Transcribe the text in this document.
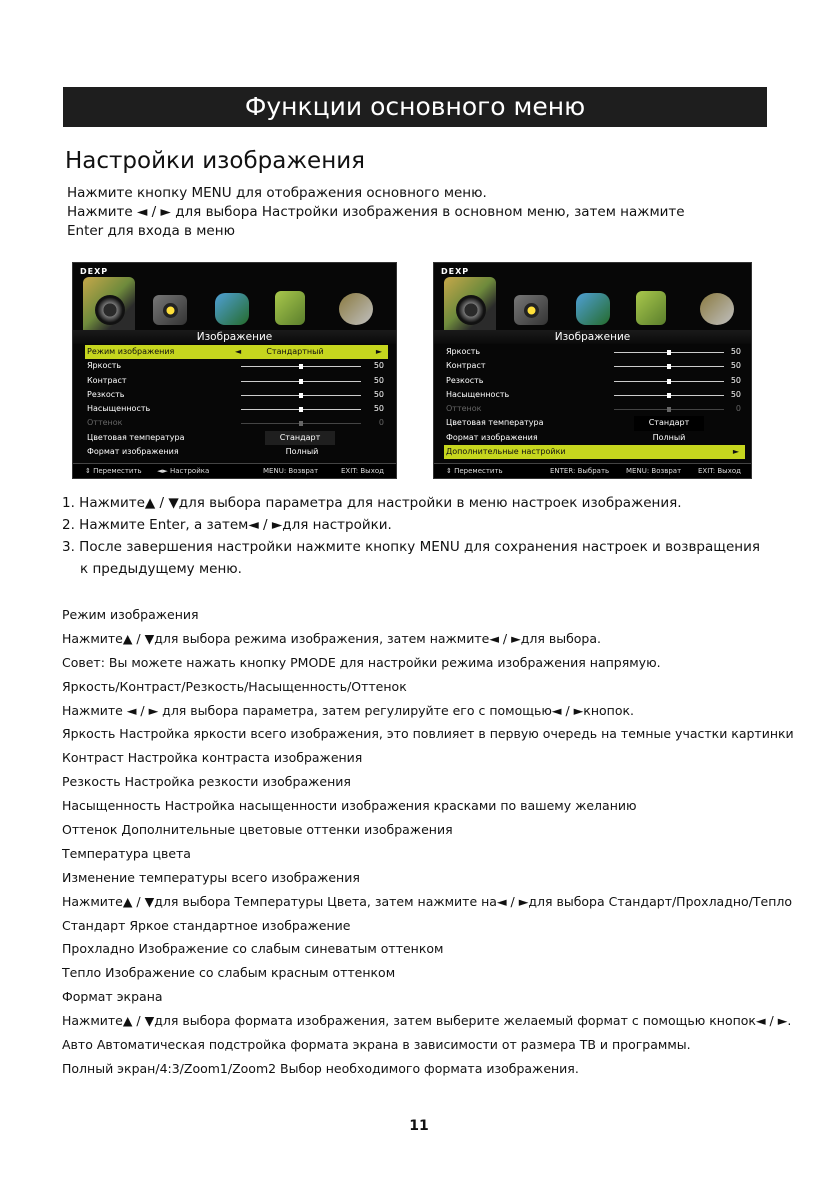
Функции основного меню
Настройки изображения

Нажмите кнопку MENU для отображения основного меню.

Нажмите ◄ / ► для выбора Настройки изображения в основном меню, затем нажмите

Enter для входа в меню

DEXP
Изображение
Режим изображения	◄	Стандартный	►
Яркость	50
Контраст	50
Резкость	50
Насыщенность	50
Оттенок	0
Цветовая температура	Стандарт
Формат изображения	Полный
⇕ Переместить ◄► Настройка	MENU: Возврат	EXIT: Выход
DEXP
Изображение
Яркость	50
Контраст	50
Резкость	50
Насыщенность	50
Оттенок	0
Цветовая температура	Стандарт
Формат изображения	Полный
Дополнительные настройки	►
⇕ Переместить	ENTER: Выбрать MENU: Возврат EXIT: Выход

1. Нажмите▲ / ▼для выбора параметра для настройки в меню настроек изображения.

2. Нажмите Enter, а затем◄ / ►для настройки.

3. После завершения настройки нажмите кнопку MENU для сохранения настроек и возвращения

к предыдущему меню.

Режим изображения

Нажмите▲ / ▼для выбора режима изображения, затем нажмите◄ / ►для выбора.

Совет: Вы можете нажать кнопку PMODE для настройки режима изображения напрямую.

Яркость/Контраст/Резкость/Насыщенность/Оттенок

Нажмите ◄ / ► для выбора параметра, затем регулируйте его с помощью◄ / ►кнопок.

Яркость Настройка яркости всего изображения, это повлияет в первую очередь на темные участки картинки

Контраст Настройка контраста изображения

Резкость Настройка резкости изображения

Насыщенность Настройка насыщенности изображения красками по вашему желанию

Оттенок Дополнительные цветовые оттенки изображения

Температура цвета

Изменение температуры всего изображения

Нажмите▲ / ▼для выбора Температуры Цвета, затем нажмите на◄ / ►для выбора Стандарт/Прохладно/Тепло

Стандарт Яркое стандартное изображение

Прохладно Изображение со слабым синеватым оттенком

Тепло Изображение со слабым красным оттенком

Формат экрана

Нажмите▲ / ▼для выбора формата изображения, затем выберите желаемый формат с помощью кнопок◄ / ►.

Авто Автоматическая подстройка формата экрана в зависимости от размера ТВ и программы.

Полный экран/4:3/Zoom1/Zoom2 Выбор необходимого формата изображения.

11
